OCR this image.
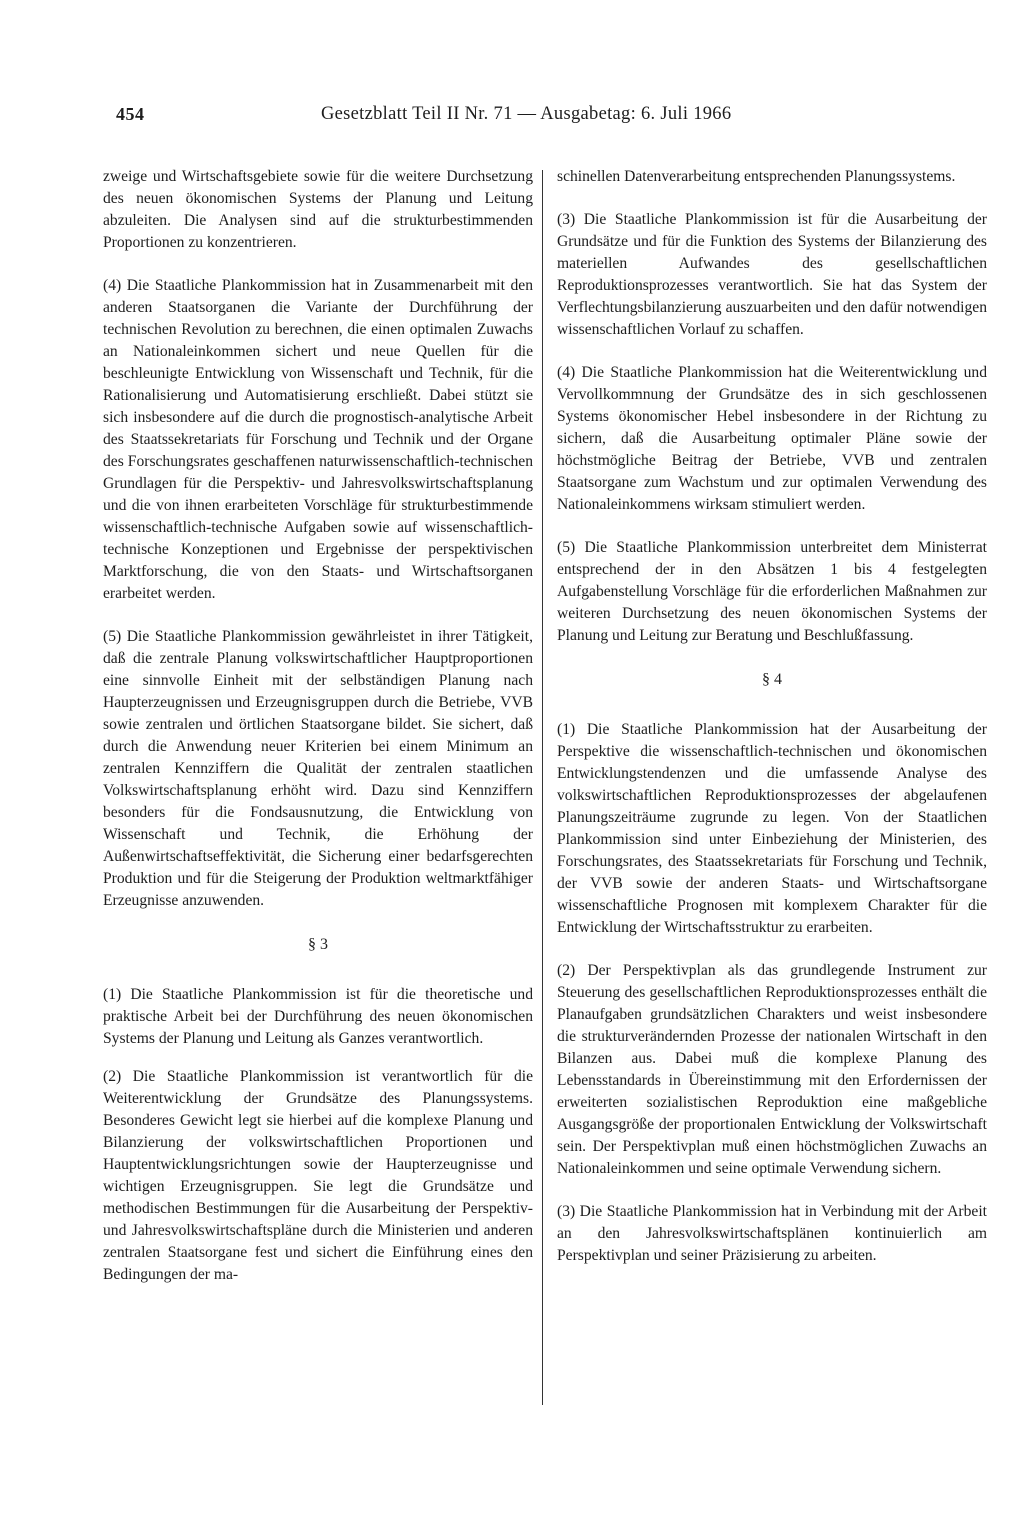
454	Gesetzblatt Teil II Nr. 71 — Ausgabetag: 6. Juli 1966

zweige und Wirtschaftsgebiete sowie für die weitere Durchsetzung des neuen ökonomischen Systems der Planung und Leitung abzuleiten. Die Analysen sind auf die strukturbestimmenden Proportionen zu konzentrieren.

(4) Die Staatliche Plankommission hat in Zusammenarbeit mit den anderen Staatsorganen die Variante der Durchführung der technischen Revolution zu berechnen, die einen optimalen Zuwachs an Nationaleinkommen sichert und neue Quellen für die beschleunigte Entwicklung von Wissenschaft und Technik, für die Rationalisierung und Automatisierung erschließt. Dabei stützt sie sich insbesondere auf die durch die prognostisch-analytische Arbeit des Staatssekretariats für Forschung und Technik und der Organe des Forschungsrates geschaffenen naturwissenschaftlich-technischen Grundlagen für die Perspektiv- und Jahresvolkswirtschaftsplanung und die von ihnen erarbeiteten Vorschläge für strukturbestimmende wissenschaftlich-technische Aufgaben sowie auf wissenschaftlich-technische Konzeptionen und Ergebnisse der perspektivischen Marktforschung, die von den Staats- und Wirtschaftsorganen erarbeitet werden.

(5) Die Staatliche Plankommission gewährleistet in ihrer Tätigkeit, daß die zentrale Planung volkswirtschaftlicher Hauptproportionen eine sinnvolle Einheit mit der selbständigen Planung nach Haupterzeugnissen und Erzeugnisgruppen durch die Betriebe, VVB sowie zentralen und örtlichen Staatsorgane bildet. Sie sichert, daß durch die Anwendung neuer Kriterien bei einem Minimum an zentralen Kennziffern die Qualität der zentralen staatlichen Volkswirtschaftsplanung erhöht wird. Dazu sind Kennziffern besonders für die Fondsausnutzung, die Entwicklung von Wissenschaft und Technik, die Erhöhung der Außenwirtschaftseffektivität, die Sicherung einer bedarfsgerechten Produktion und für die Steigerung der Produktion weltmarktfähiger Erzeugnisse anzuwenden.

§ 3

(1) Die Staatliche Plankommission ist für die theoretische und praktische Arbeit bei der Durchführung des neuen ökonomischen Systems der Planung und Leitung als Ganzes verantwortlich.

(2) Die Staatliche Plankommission ist verantwortlich für die Weiterentwicklung der Grundsätze des Planungssystems. Besonderes Gewicht legt sie hierbei auf die komplexe Planung und Bilanzierung der volkswirtschaftlichen Proportionen und Hauptentwicklungsrichtungen sowie der Haupterzeugnisse und wichtigen Erzeugnisgruppen. Sie legt die Grundsätze und methodischen Bestimmungen für die Ausarbeitung der Perspektiv- und Jahresvolkswirtschaftspläne durch die Ministerien und anderen zentralen Staatsorgane fest und sichert die Einführung eines den Bedingungen der ma-

schinellen Datenverarbeitung entsprechenden Planungssystems.

(3) Die Staatliche Plankommission ist für die Ausarbeitung der Grundsätze und für die Funktion des Systems der Bilanzierung des materiellen Aufwandes des gesellschaftlichen Reproduktionsprozesses verantwortlich. Sie hat das System der Verflechtungsbilanzierung auszuarbeiten und den dafür notwendigen wissenschaftlichen Vorlauf zu schaffen.

(4) Die Staatliche Plankommission hat die Weiterentwicklung und Vervollkommnung der Grundsätze des in sich geschlossenen Systems ökonomischer Hebel insbesondere in der Richtung zu sichern, daß die Ausarbeitung optimaler Pläne sowie der höchstmögliche Beitrag der Betriebe, VVB und zentralen Staatsorgane zum Wachstum und zur optimalen Verwendung des Nationaleinkommens wirksam stimuliert werden.

(5) Die Staatliche Plankommission unterbreitet dem Ministerrat entsprechend der in den Absätzen 1 bis 4 festgelegten Aufgabenstellung Vorschläge für die erforderlichen Maßnahmen zur weiteren Durchsetzung des neuen ökonomischen Systems der Planung und Leitung zur Beratung und Beschlußfassung.

§ 4

(1) Die Staatliche Plankommission hat der Ausarbeitung der Perspektive die wissenschaftlich-technischen und ökonomischen Entwicklungstendenzen und die umfassende Analyse des volkswirtschaftlichen Reproduktionsprozesses der abgelaufenen Planungszeiträume zugrunde zu legen. Von der Staatlichen Plankommission sind unter Einbeziehung der Ministerien, des Forschungsrates, des Staatssekretariats für Forschung und Technik, der VVB sowie der anderen Staats- und Wirtschaftsorgane wissenschaftliche Prognosen mit komplexem Charakter für die Entwicklung der Wirtschaftsstruktur zu erarbeiten.

(2) Der Perspektivplan als das grundlegende Instrument zur Steuerung des gesellschaftlichen Reproduktionsprozesses enthält die Planaufgaben grundsätzlichen Charakters und weist insbesondere die strukturverändernden Prozesse der nationalen Wirtschaft in den Bilanzen aus. Dabei muß die komplexe Planung des Lebensstandards in Übereinstimmung mit den Erfordernissen der erweiterten sozialistischen Reproduktion eine maßgebliche Ausgangsgröße der proportionalen Entwicklung der Volkswirtschaft sein. Der Perspektivplan muß einen höchstmöglichen Zuwachs an Nationaleinkommen und seine optimale Verwendung sichern.

(3) Die Staatliche Plankommission hat in Verbindung mit der Arbeit an den Jahresvolkswirtschaftsplänen kontinuierlich am Perspektivplan und seiner Präzisierung zu arbeiten.
